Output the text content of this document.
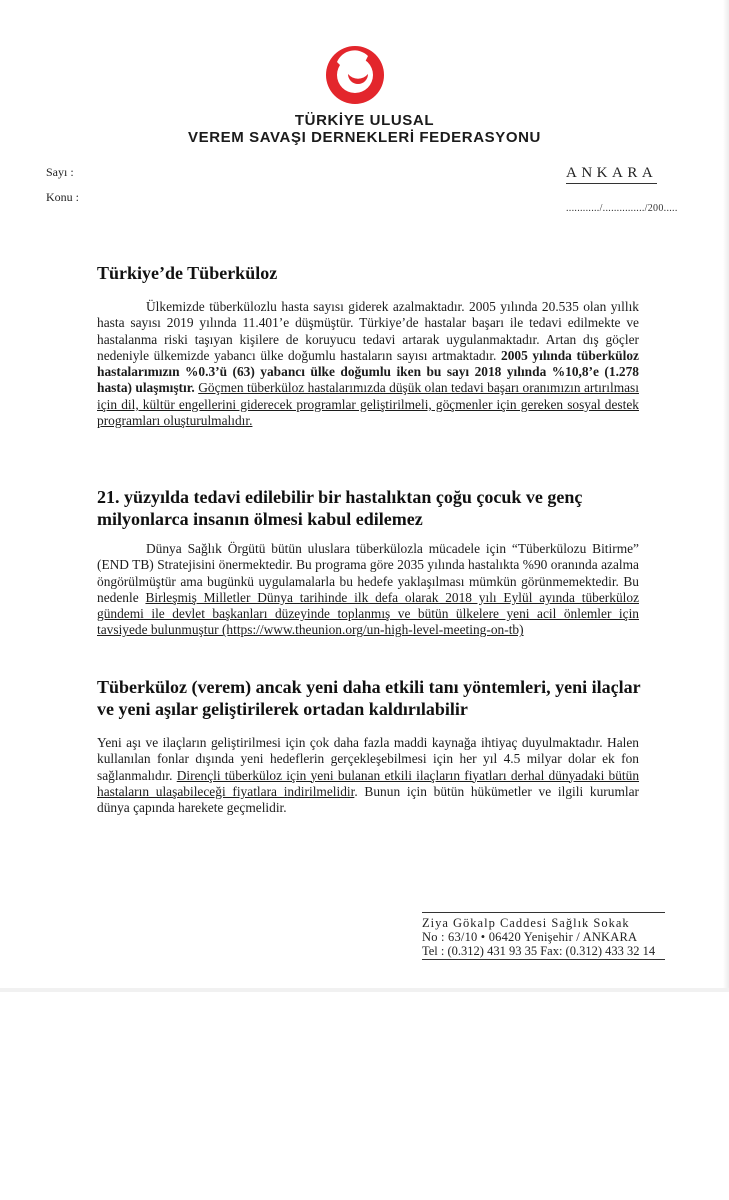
TÜRKİYE ULUSAL
VEREM SAVAŞI DERNEKLERİ FEDERASYONU
Sayı :
Konu :
ANKARA
............/.............../200.....
Türkiye’de Tüberküloz
Ülkemizde tüberkülozlu hasta sayısı giderek azalmaktadır. 2005 yılında 20.535 olan yıllık hasta sayısı 2019 yılında 11.401’e düşmüştür. Türkiye’de hastalar başarı ile tedavi edilmekte ve hastalanma riski taşıyan kişilere de koruyucu tedavi artarak uygulanmaktadır. Artan dış göçler nedeniyle ülkemizde yabancı ülke doğumlu hastaların sayısı artmaktadır. 2005 yılında tüberküloz hastalarımızın %0.3’ü (63) yabancı ülke doğumlu iken bu sayı 2018 yılında %10,8’e (1.278 hasta) ulaşmıştır. Göçmen tüberküloz hastalarımızda düşük olan tedavi başarı oranımızın artırılması için dil, kültür engellerini giderecek programlar geliştirilmeli, göçmenler için gereken sosyal destek programları oluşturulmalıdır.
21. yüzyılda tedavi edilebilir bir hastalıktan çoğu çocuk ve genç milyonlarca insanın ölmesi kabul edilemez
Dünya Sağlık Örgütü bütün uluslara tüberkülozla mücadele için “Tüberkülozu Bitirme” (END TB) Stratejisini önermektedir. Bu programa göre 2035 yılında hastalıkta %90 oranında azalma öngörülmüştür ama bugünkü uygulamalarla bu hedefe yaklaşılması mümkün görünmemektedir. Bu nedenle Birleşmiş Milletler Dünya tarihinde ilk defa olarak 2018 yılı Eylül ayında tüberküloz gündemi ile devlet başkanları düzeyinde toplanmış ve bütün ülkelere yeni acil önlemler için tavsiyede bulunmuştur (https://www.theunion.org/un-high-level-meeting-on-tb)
Tüberküloz (verem) ancak yeni daha etkili tanı yöntemleri, yeni ilaçlar ve yeni aşılar geliştirilerek ortadan kaldırılabilir
Yeni aşı ve ilaçların geliştirilmesi için çok daha fazla maddi kaynağa ihtiyaç duyulmaktadır. Halen kullanılan fonlar dışında yeni hedeflerin gerçekleşebilmesi için her yıl 4.5 milyar dolar ek fon sağlanmalıdır. Dirençli tüberküloz için yeni bulanan etkili ilaçların fiyatları derhal dünyadaki bütün hastaların ulaşabileceği fiyatlara indirilmelidir. Bunun için bütün hükümetler ve ilgili kurumlar dünya çapında harekete geçmelidir.
Ziya Gökalp Caddesi Sağlık Sokak
No : 63/10 • 06420 Yenişehir / ANKARA
Tel : (0.312) 431 93 35 Fax: (0.312) 433 32 14
